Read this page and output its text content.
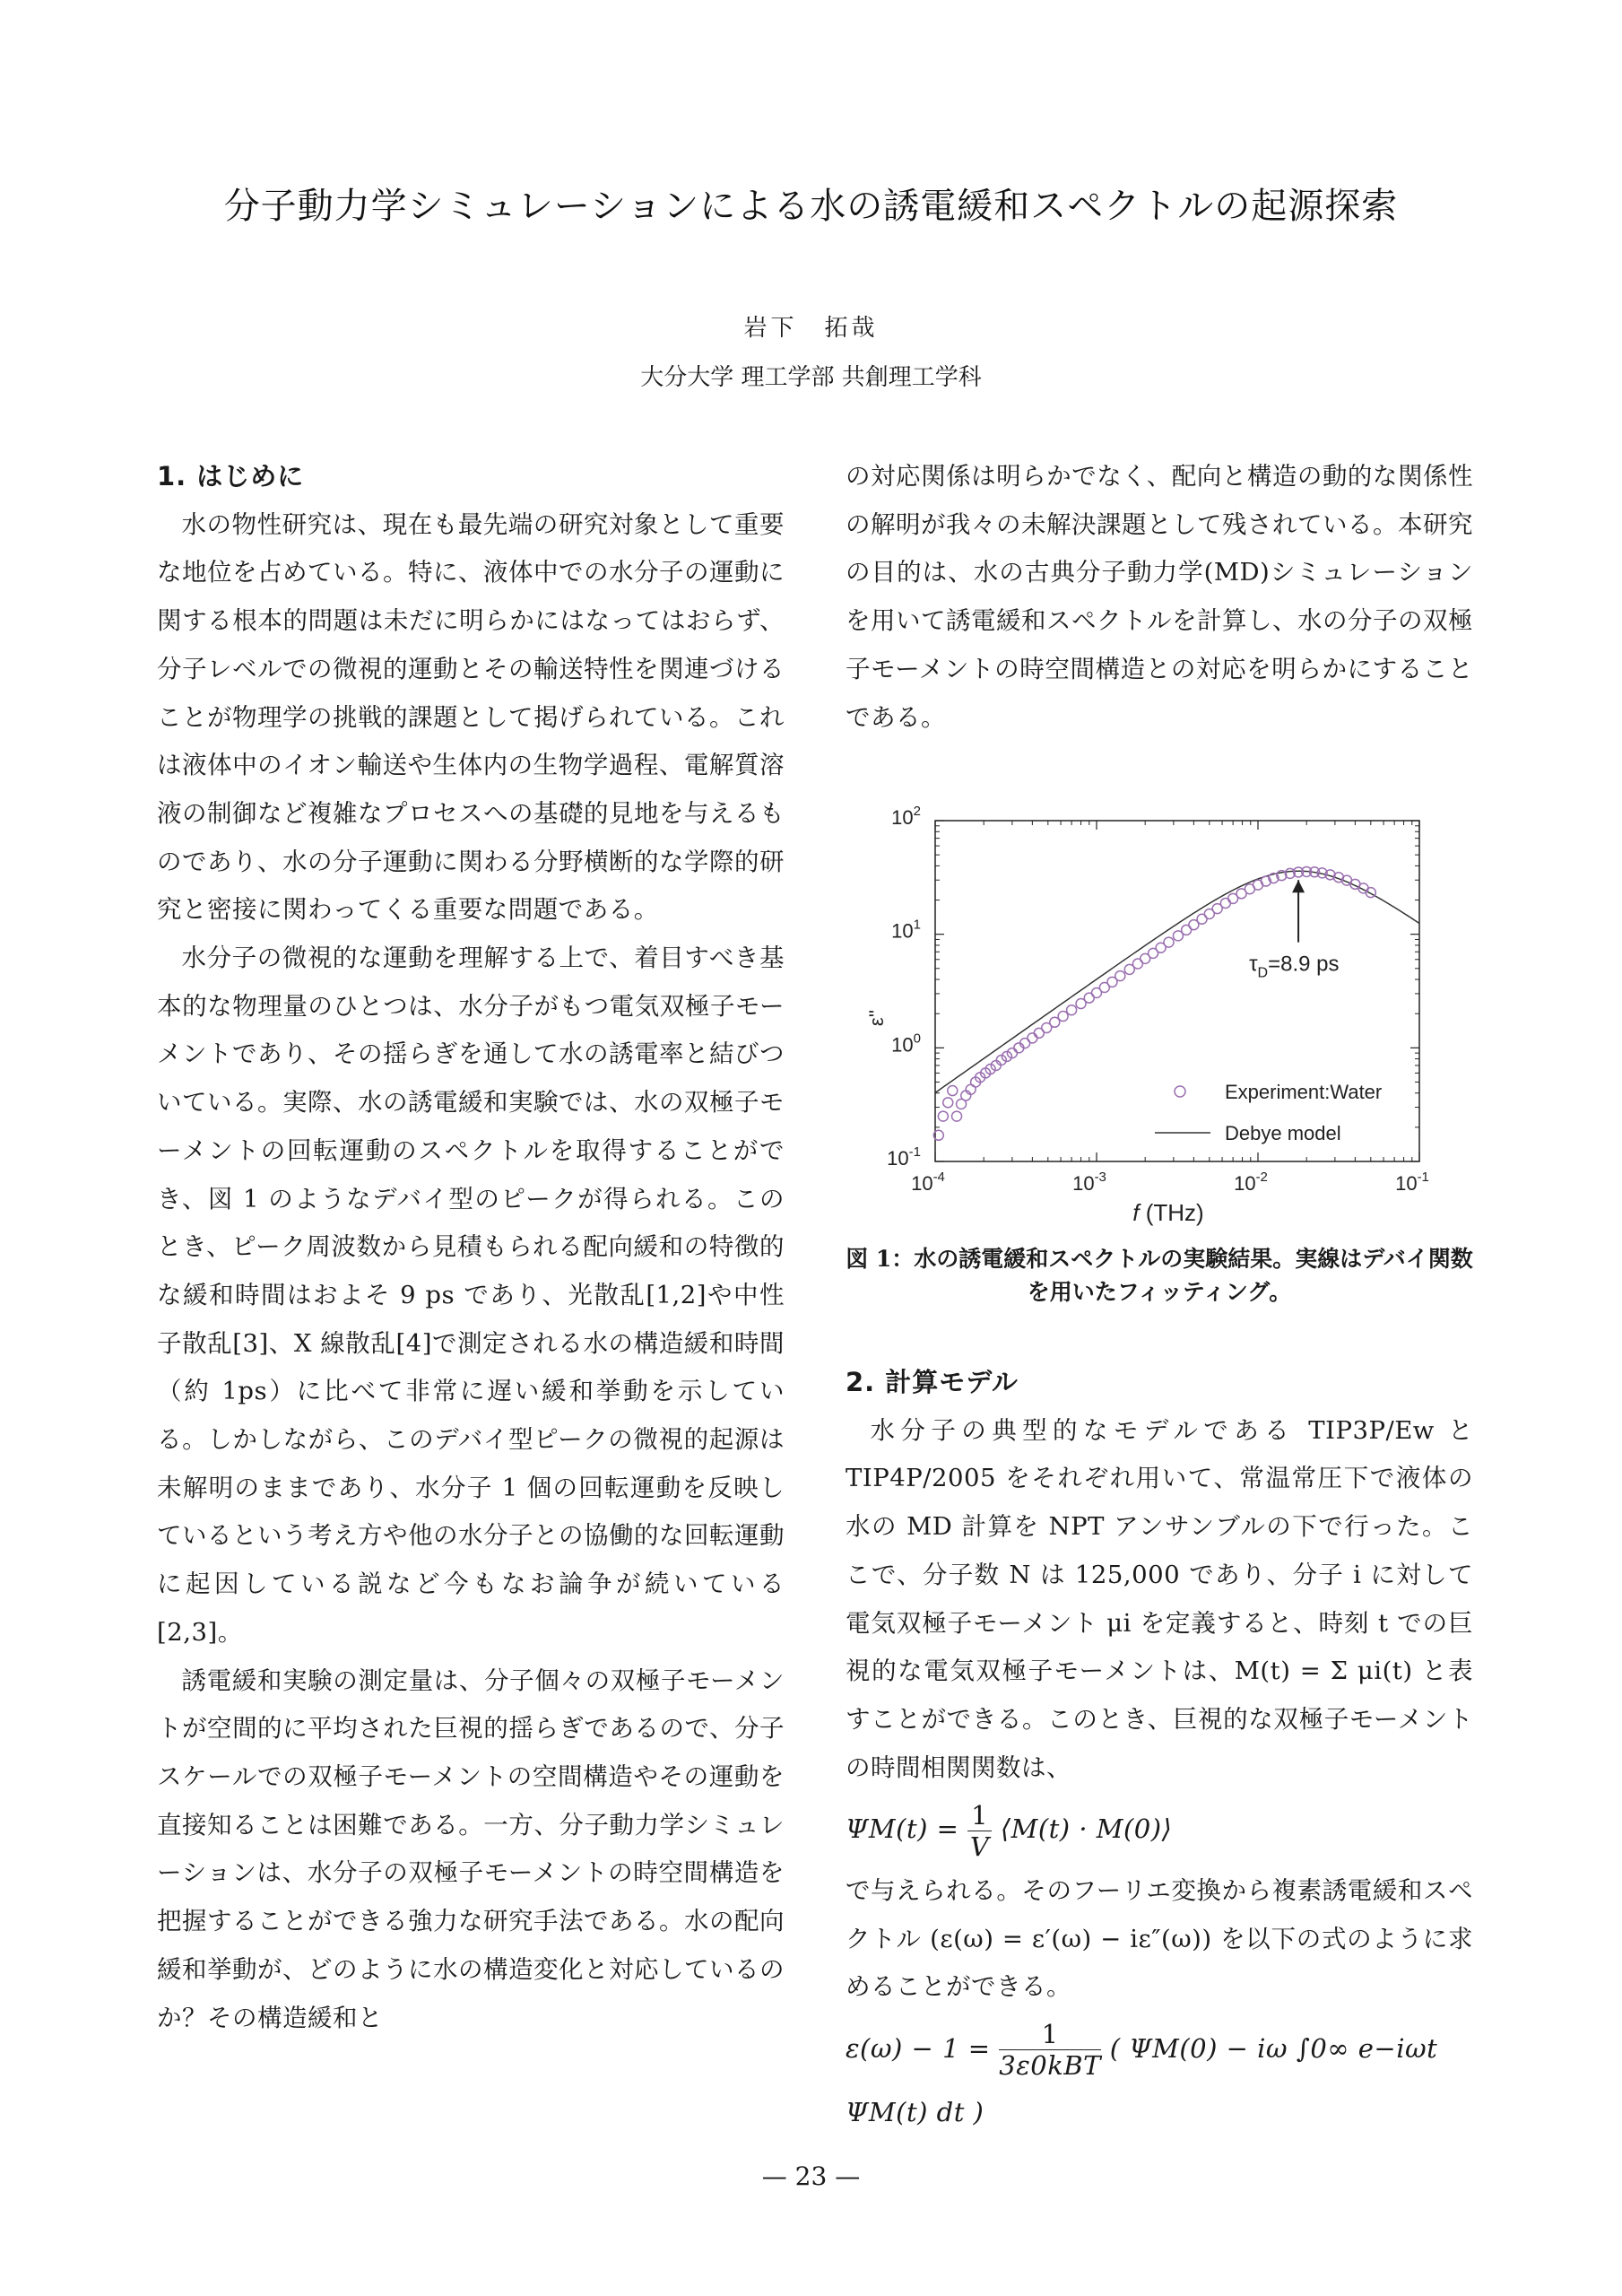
分子動力学シミュレーションによる水の誘電緩和スペクトルの起源探索
岩下　拓哉
大分大学 理工学部 共創理工学科
1. はじめに

水の物性研究は、現在も最先端の研究対象として重要な地位を占めている。特に、液体中での水分子の運動に関する根本的問題は未だに明らかにはなってはおらず、分子レベルでの微視的運動とその輸送特性を関連づけることが物理学の挑戦的課題として掲げられている。これは液体中のイオン輸送や生体内の生物学過程、電解質溶液の制御など複雑なプロセスへの基礎的見地を与えるものであり、水の分子運動に関わる分野横断的な学際的研究と密接に関わってくる重要な問題である。

水分子の微視的な運動を理解する上で、着目すべき基本的な物理量のひとつは、水分子がもつ電気双極子モーメントであり、その揺らぎを通して水の誘電率と結びついている。実際、水の誘電緩和実験では、水の双極子モーメントの回転運動のスペクトルを取得することができ、図 1 のようなデバイ型のピークが得られる。このとき、ピーク周波数から見積もられる配向緩和の特徴的な緩和時間はおよそ 9 ps であり、光散乱[1,2]や中性子散乱[3]、X 線散乱[4]で測定される水の構造緩和時間（約 1ps）に比べて非常に遅い緩和挙動を示している。しかしながら、このデバイ型ピークの微視的起源は未解明のままであり、水分子 1 個の回転運動を反映しているという考え方や他の水分子との協働的な回転運動に起因している説など今もなお論争が続いている[2,3]。

誘電緩和実験の測定量は、分子個々の双極子モーメントが空間的に平均された巨視的揺らぎであるので、分子スケールでの双極子モーメントの空間構造やその運動を直接知ることは困難である。一方、分子動力学シミュレーションは、水分子の双極子モーメントの時空間構造を把握することができる強力な研究手法である。水の配向緩和挙動が、どのように水の構造変化と対応しているのか？その構造緩和と

の対応関係は明らかでなく、配向と構造の動的な関係性の解明が我々の未解決課題として残されている。本研究の目的は、水の古典分子動力学(MD)シミュレーションを用いて誘電緩和スペクトルを計算し、水の分子の双極子モーメントの時空間構造との対応を明らかにすることである。

$10^{-4}$	$10^{-3}$	$10^{-2}$	$10^{-1}$
$10^{-1}$
$10^0$
$10^1$
$10^2$
f (THz)
ε''
$\tau_D=8.9$ ps
Experiment:Water
Debye model
図 1：水の誘電緩和スペクトルの実験結果。実線はデバイ関数を用いたフィッティング。
2. 計算モデル

水分子の典型的なモデルである TIP3P/Ew と TIP4P/2005 をそれぞれ用いて、常温常圧下で液体の水の MD 計算を NPT アンサンブルの下で行った。ここで、分子数 N は 125,000 であり、分子 i に対して電気双極子モーメント μi を定義すると、時刻 t での巨視的な電気双極子モーメントは、M(t) = Σ μi(t) と表すことができる。このとき、巨視的な双極子モーメントの時間相関関数は、

$\Psi M(t) = \frac{1}{V}$ ⟨M(t) · M(0)⟩

で与えられる。そのフーリエ変換から複素誘電緩和スペクトル (ε(ω) = ε′(ω) − iε″(ω)) を以下の式のように求めることができる。

$\varepsilon(\omega) - 1 = \frac{1}{\text{3ε0kBT}}$ ( ΨM(0) − iω ∫0∞ e−iωt ΨM(t) dt )
— 23 —
